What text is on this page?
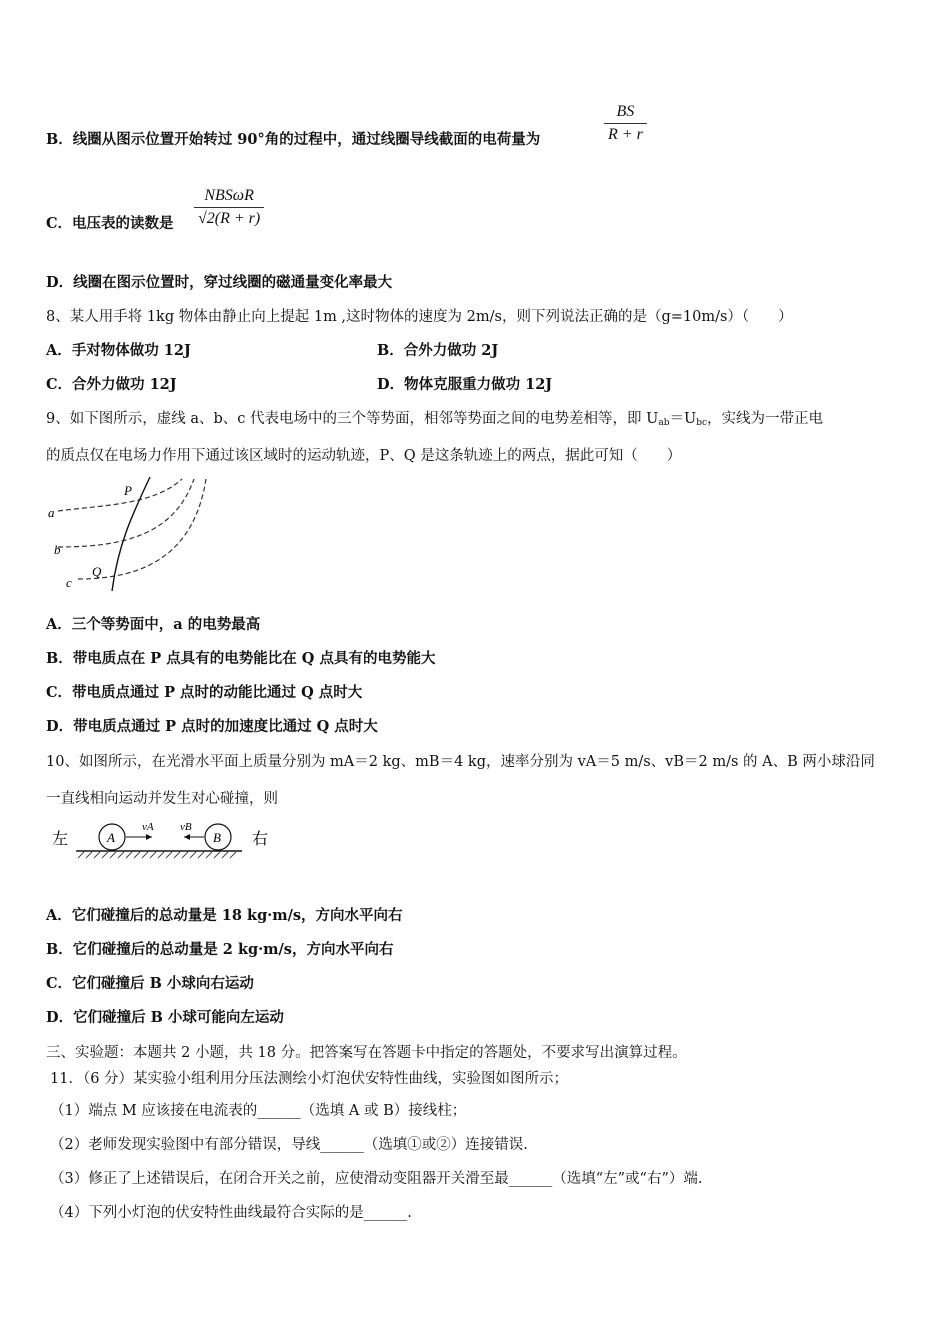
B．线圈从图示位置开始转过 90°角的过程中，通过线圈导线截面的电荷量为
BS
R + r
C．电压表的读数是
NBSωR
√2(R + r)
D．线圈在图示位置时，穿过线圈的磁通量变化率最大
8、某人用手将 1kg 物体由静止向上提起 1m ,这时物体的速度为 2m/s，则下列说法正确的是（g=10m/s）（　　）
A．手对物体做功 12J	B．合外力做功 2J
C．合外力做功 12J	D．物体克服重力做功 12J
9、如下图所示，虚线 a、b、c 代表电场中的三个等势面，相邻等势面之间的电势差相等，即 Uab＝Ubc，实线为一带正电
的质点仅在电场力作用下通过该区域时的运动轨迹，P、Q 是这条轨迹上的两点，据此可知（　　）
a
b
c
P
Q
A．三个等势面中，a 的电势最高
B．带电质点在 P 点具有的电势能比在 Q 点具有的电势能大
C．带电质点通过 P 点时的动能比通过 Q 点时大
D．带电质点通过 P 点时的加速度比通过 Q 点时大
10、如图所示，在光滑水平面上质量分别为 mA＝2 kg、mB＝4 kg，速率分别为 vA＝5 m/s、vB＝2 m/s 的 A、B 两小球沿同
一直线相向运动并发生对心碰撞，则
左	A
vA
B
vB
右
A．它们碰撞后的总动量是 18 kg·m/s，方向水平向右
B．它们碰撞后的总动量是 2 kg·m/s，方向水平向右
C．它们碰撞后 B 小球向右运动
D．它们碰撞后 B 小球可能向左运动
三、实验题：本题共 2 小题，共 18 分。把答案写在答题卡中指定的答题处，不要求写出演算过程。
11．（6 分）某实验小组利用分压法测绘小灯泡伏安特性曲线，实验图如图所示；
（1）端点 M 应该接在电流表的______（选填 A 或 B）接线柱；
（2）老师发现实验图中有部分错误，导线______（选填①或②）连接错误.
（3）修正了上述错误后，在闭合开关之前，应使滑动变阻器开关滑至最______（选填“左”或“右”）端.
（4）下列小灯泡的伏安特性曲线最符合实际的是______.
